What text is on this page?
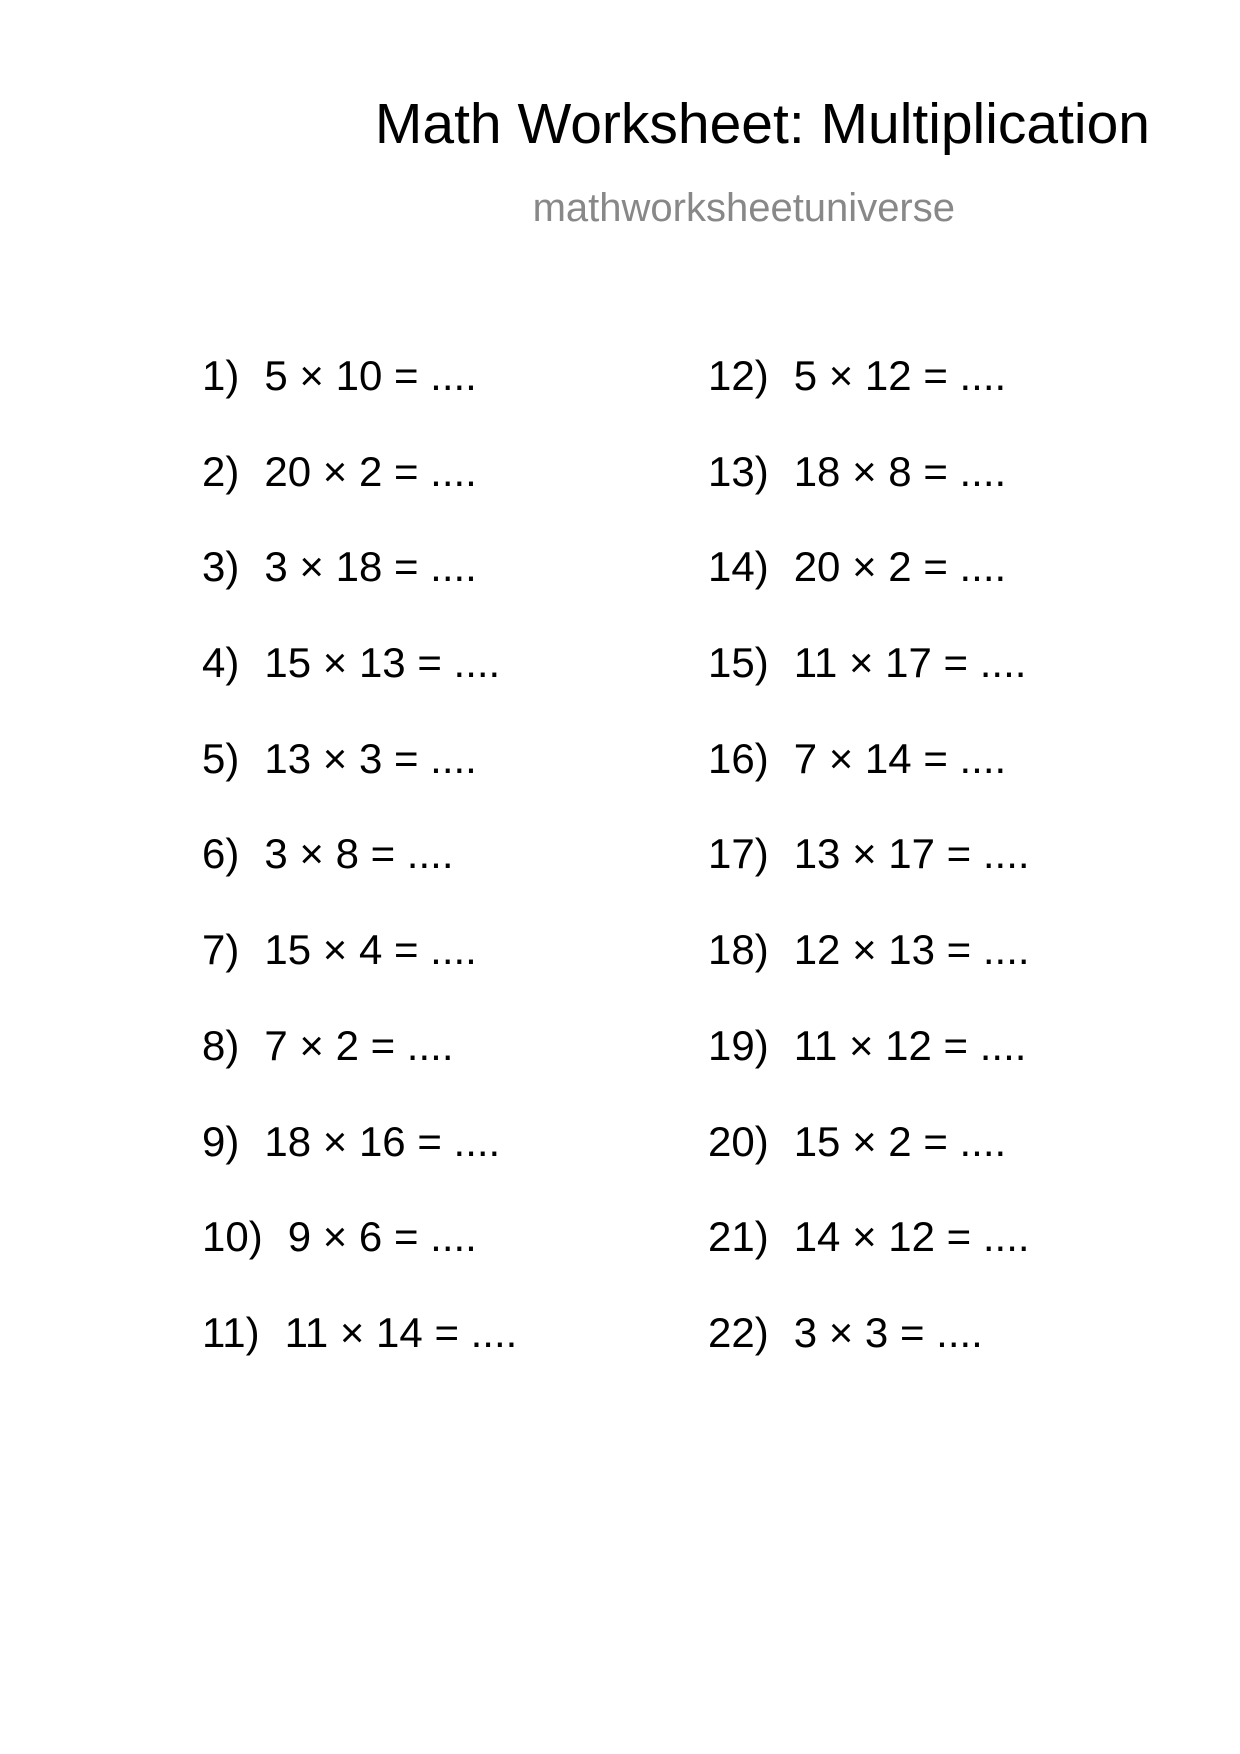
Math Worksheet: Multiplication
mathworksheetuniverse
1) 5 × 10 = ....
2) 20 × 2 = ....
3) 3 × 18 = ....
4) 15 × 13 = ....
5) 13 × 3 = ....
6) 3 × 8 = ....
7) 15 × 4 = ....
8) 7 × 2 = ....
9) 18 × 16 = ....
10) 9 × 6 = ....
11) 11 × 14 = ....
12) 5 × 12 = ....
13) 18 × 8 = ....
14) 20 × 2 = ....
15) 11 × 17 = ....
16) 7 × 14 = ....
17) 13 × 17 = ....
18) 12 × 13 = ....
19) 11 × 12 = ....
20) 15 × 2 = ....
21) 14 × 12 = ....
22) 3 × 3 = ....
